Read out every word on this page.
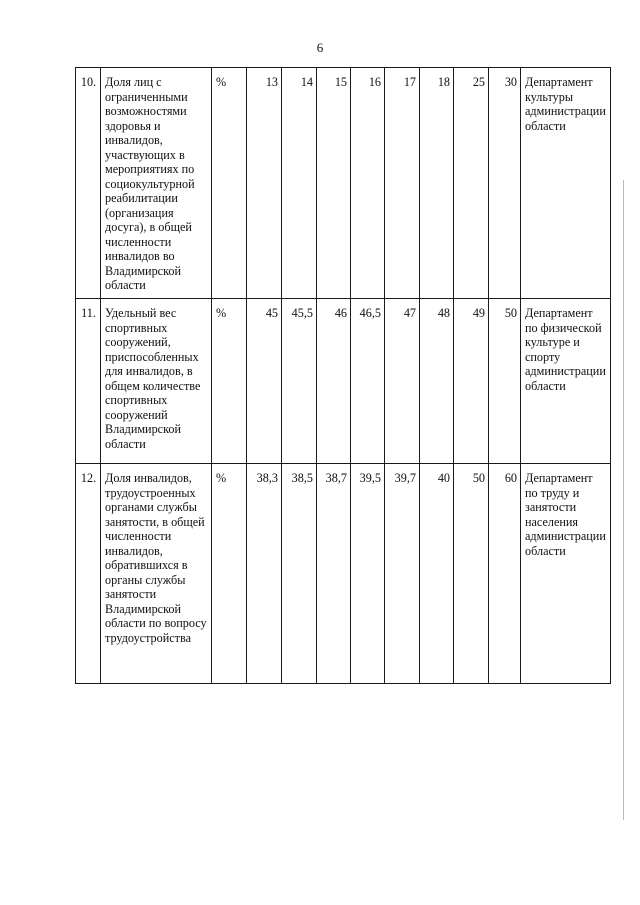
6
10.	Доля лиц с ограниченными возможностями здоровья и инвалидов, участвующих в мероприятиях по социокультурной реабилитации (организация досуга), в общей численности инвалидов во Владимирской области	%	13	14	15	16	17	18	25	30	Департамент культуры администрации области
11.	Удельный вес спортивных сооружений, приспособленных для инвалидов, в общем количестве спортивных сооружений Владимирской области	%	45	45,5	46	46,5	47	48	49	50	Департамент по физической культуре и спорту администрации области
12.	Доля инвалидов, трудоустроенных органами службы занятости, в общей численности инвалидов, обратившихся в органы службы занятости Владимирской области по вопросу трудоустройства	%	38,3	38,5	38,7	39,5	39,7	40	50	60	Департамент по труду и занятости населения администрации области
